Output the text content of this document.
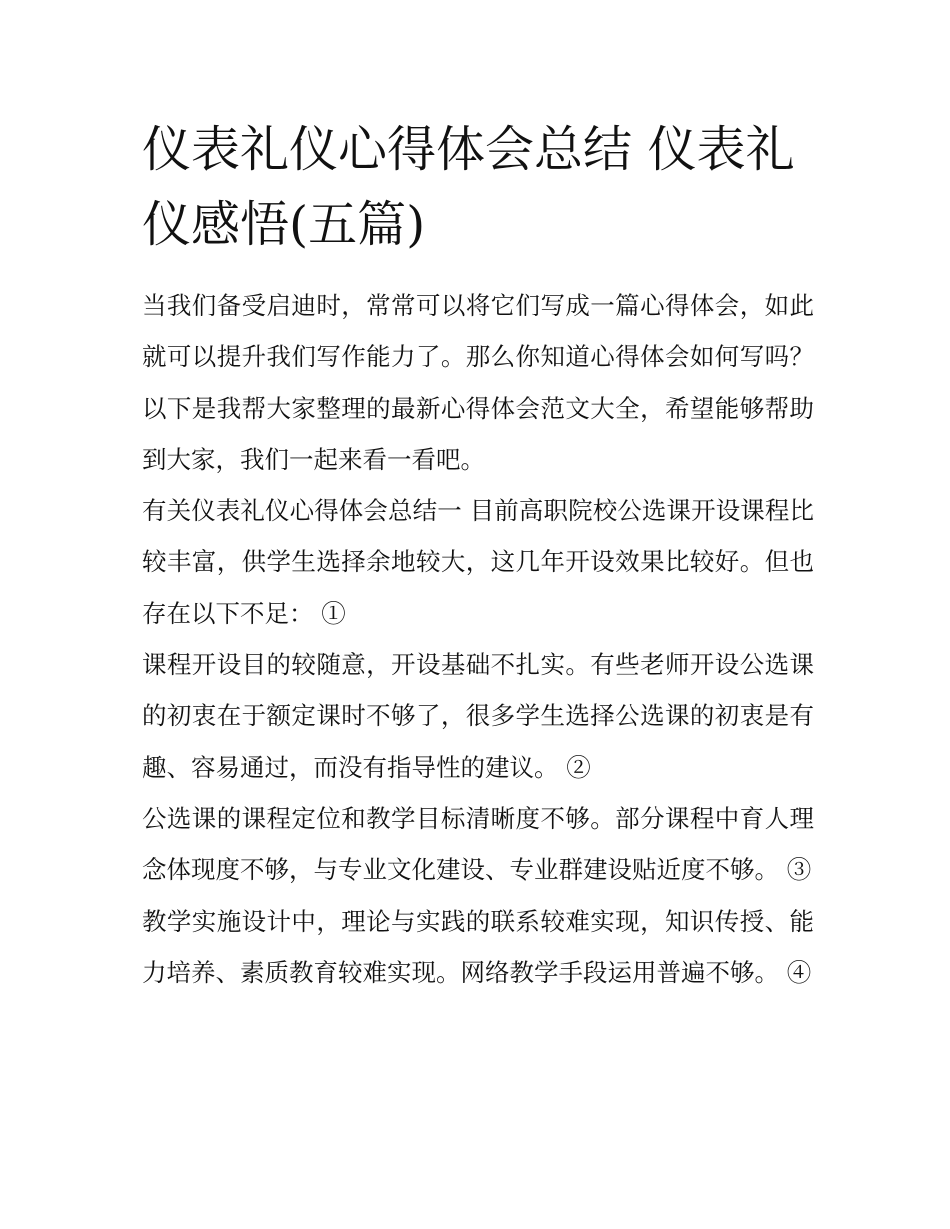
仪表礼仪心得体会总结 仪表礼仪感悟(五篇)

当我们备受启迪时，常常可以将它们写成一篇心得体会，如此就可以提升我们写作能力了。那么你知道心得体会如何写吗？以下是我帮大家整理的最新心得体会范文大全，希望能够帮助到大家，我们一起来看一看吧。

有关仪表礼仪心得体会总结一 目前高职院校公选课开设课程比较丰富，供学生选择余地较大，这几年开设效果比较好。但也存在以下不足： ①

课程开设目的较随意，开设基础不扎实。有些老师开设公选课的初衷在于额定课时不够了，很多学生选择公选课的初衷是有趣、容易通过，而没有指导性的建议。 ②

公选课的课程定位和教学目标清晰度不够。部分课程中育人理念体现度不够，与专业文化建设、专业群建设贴近度不够。 ③

教学实施设计中，理论与实践的联系较难实现，知识传授、能力培养、素质教育较难实现。网络教学手段运用普遍不够。 ④
